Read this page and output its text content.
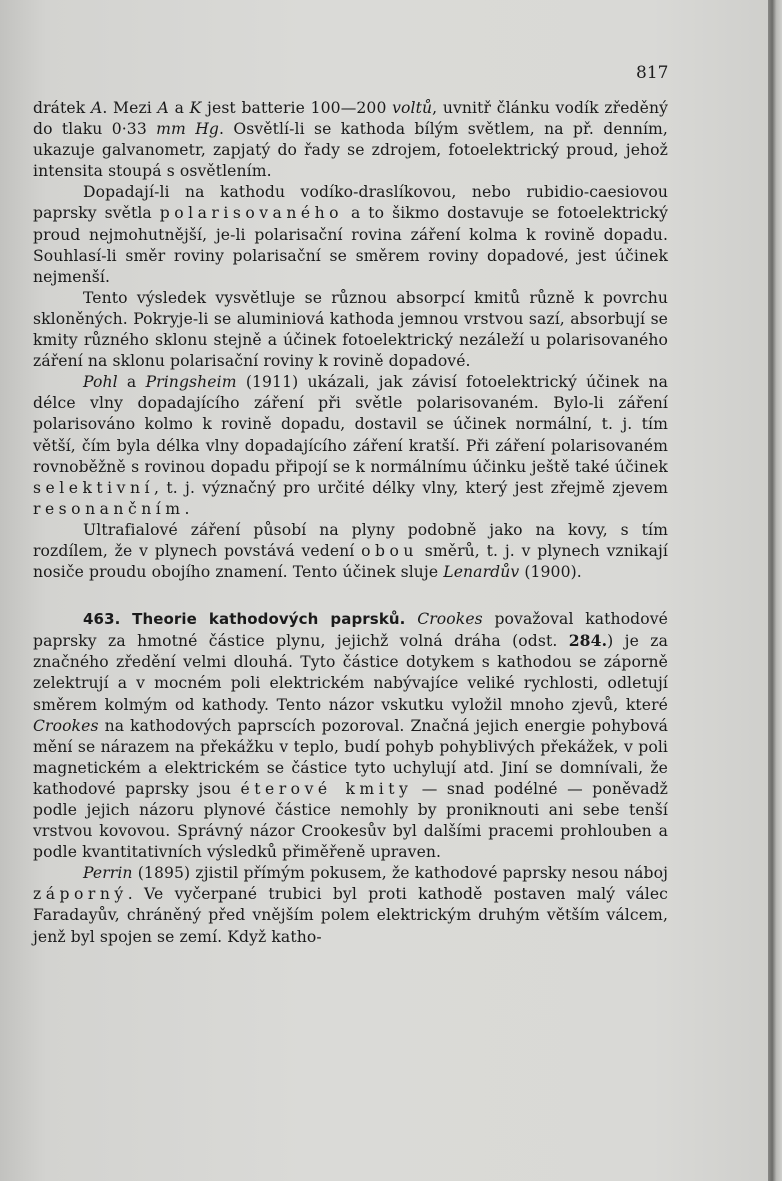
817

drátek A. Mezi A a K jest batterie 100—200 voltů, uvnitř článku vodík zředěný do tlaku 0·33 mm Hg. Osvětlí-li se kathoda bílým světlem, na př. denním, ukazuje galvanometr, zapjatý do řady se zdrojem, fotoelektrický proud, jehož intensita stoupá s osvětlením.

Dopadají-li na kathodu vodíko-draslíkovou, nebo rubidio-caesiovou paprsky světla polarisovaného a to šikmo dostavuje se fotoelektrický proud nejmohutnější, je-li polarisační rovina záření kolma k rovině dopadu. Souhlasí-li směr roviny polarisační se směrem roviny dopadové, jest účinek nejmenší.

Tento výsledek vysvětluje se různou absorpcí kmitů různě k povrchu skloněných. Pokryje-li se aluminiová kathoda jemnou vrstvou sazí, absorbují se kmity různého sklonu stejně a účinek fotoelektrický nezáleží u polarisovaného záření na sklonu polarisační roviny k rovině dopadové.

Pohl a Pringsheim (1911) ukázali, jak závisí fotoelektrický účinek na délce vlny dopadajícího záření při světle polarisovaném. Bylo-li záření polarisováno kolmo k rovině dopadu, dostavil se účinek normální, t. j. tím větší, čím byla délka vlny dopadajícího záření kratší. Při záření polarisovaném rovnoběžně s rovinou dopadu připojí se k normálnímu účinku ještě také účinek selektivní, t. j. význačný pro určité délky vlny, který jest zřejmě zjevem resonančním.

Ultrafialové záření působí na plyny podobně jako na kovy, s tím rozdílem, že v plynech povstává vedení obou směrů, t. j. v plynech vznikají nosiče proudu obojího znamení. Tento účinek sluje Lenardův (1900).

463. Theorie kathodových paprsků. Crookes považoval kathodové paprsky za hmotné částice plynu, jejichž volná dráha (odst. 284.) je za značného zředění velmi dlouhá. Tyto částice dotykem s kathodou se záporně zelektrují a v mocném poli elektrickém nabývajíce veliké rychlosti, odletují směrem kolmým od kathody. Tento názor vskutku vyložil mnoho zjevů, které Crookes na kathodových paprscích pozoroval. Značná jejich energie pohybová mění se nárazem na překážku v teplo, budí pohyb pohyblivých překážek, v poli magnetickém a elektrickém se částice tyto uchylují atd. Jiní se domnívali, že kathodové paprsky jsou éterové kmity — snad podélné — poněvadž podle jejich názoru plynové částice nemohly by proniknouti ani sebe tenší vrstvou kovovou. Správný názor Crookesův byl dalšími pracemi prohlouben a podle kvantitativních výsledků přiměřeně upraven.

Perrin (1895) zjistil přímým pokusem, že kathodové paprsky nesou náboj záporný. Ve vyčerpané trubici byl proti kathodě postaven malý válec Faradayův, chráněný před vnějším polem elektrickým druhým větším válcem, jenž byl spojen se zemí. Když katho-
